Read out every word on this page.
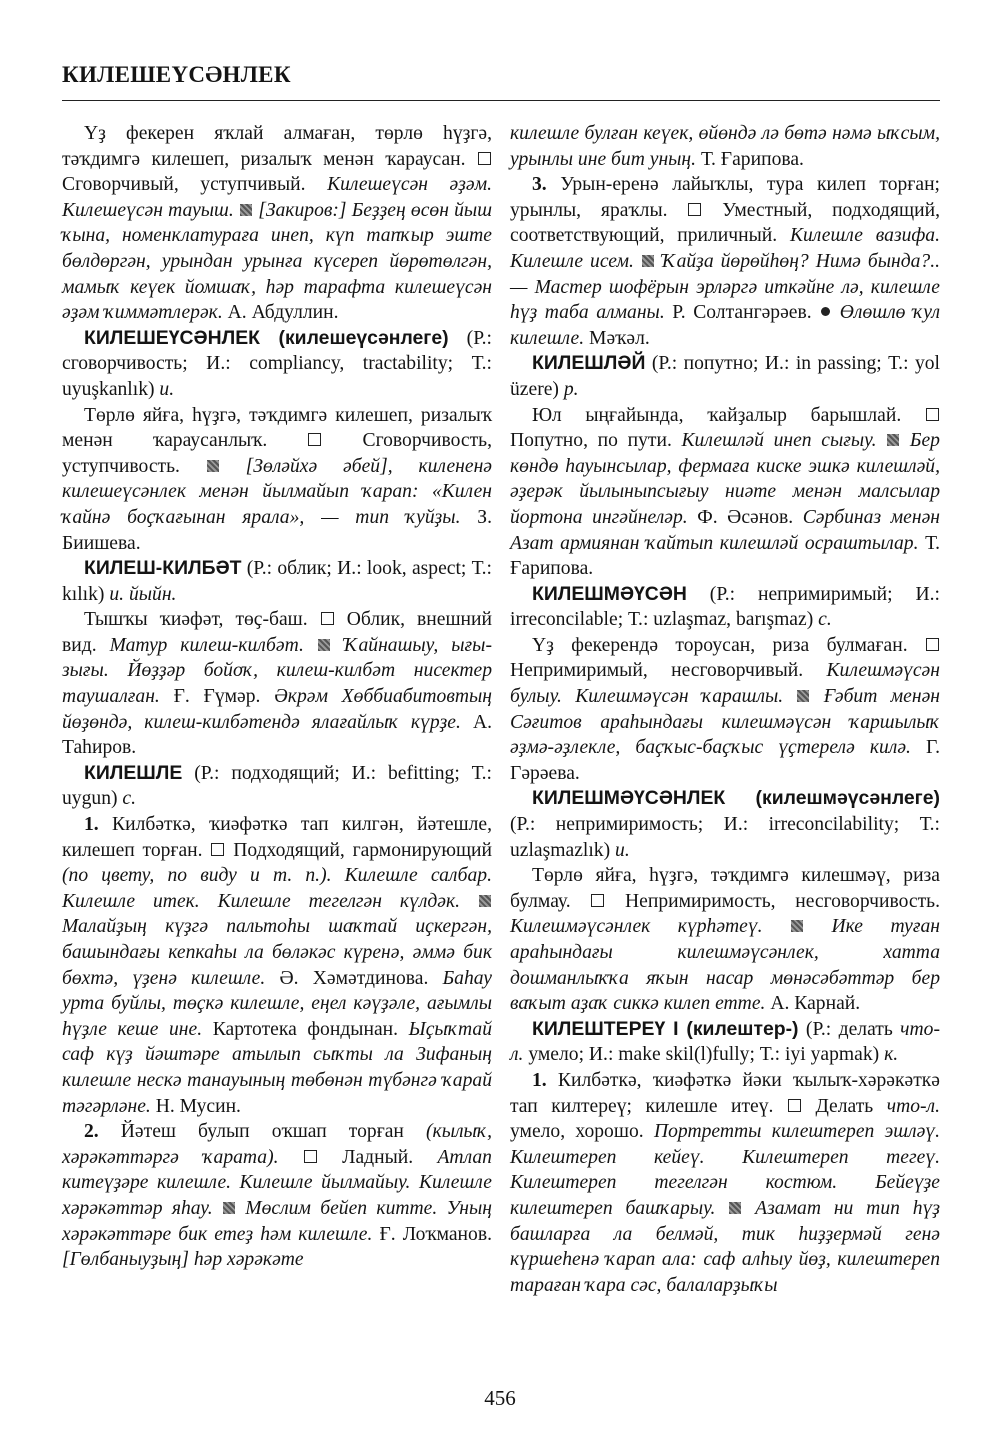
КИЛЕШЕҮСӘНЛЕК

Үҙ фекерен яҡлай алмаған, төрлө һүҙгә, тәҡдимгә килешеп, ризалыҡ менән ҡараусан.  Сговорчивый, уступчивый. Килешеүсән әҙәм. Килешеүсән тауыш. [Закиров:] Беҙҙең өсөн йыш ҡына, номенклатураға инеп, күп тапҡыр эште бөлдөргән, урындан урынға күсереп йөрөтөлгән, мамыҡ кеүек йомшаҡ, һәр тарафта килешеүсән әҙәм ҡиммәтлерәк. А. Абдуллин.

КИЛЕШЕҮСӘНЛЕК (килешеүсәнлеге) (Р.: сговорчивость; И.: compliancy, tractability; Т.: uyuşkanlık) и.

Төрлө яйға, һүҙгә, тәҡдимгә килешеп, ризалыҡ менән ҡараусанлыҡ.	Сговорчивость, уступчивость.	[Зөләйхә әбей], килененә килешеүсәнлек менән йылмайып ҡарап: «Килен ҡайнә боҫҡағынан ярала», — тип ҡуйҙы. З. Биишева.

КИЛЕШ-КИЛБӘТ (Р.: облик; И.: look, aspect; Т.: kılık) и. йыйн.

Тышҡы ҡиәфәт, төҫ-баш. Облик, внешний вид. Матур килеш-килбәт. Ҡайнашыу, ығы-зығы. Йөҙҙәр бойоҡ, килеш-килбәт нисектер таушалған. Ғ. Ғүмәр. Әкрәм Хөббиабитовтың йөҙөндә, килеш-килбәтендә ялағайлыҡ күрҙе. А. Таһиров.

КИЛЕШЛЕ (Р.: подходящий; И.: befitting; Т.: uygun) с.

1. Килбәткә, ҡиәфәткә тап килгән, йәтешле, килешеп торған. Подходящий, гармонирующий (по цвету, по виду и т. п.). Килешле салбар. Килешле итек. Килешле тегелгән күлдәк.  Малайҙың күҙгә пальтоһы шаҡтай иҫкергән, башындағы кепкаһы ла бөләкәс күренә, әммә бик бөхтә, үҙенә килешле. Ә. Хәмәтдинова. Баһау урта буйлы, төҫкә килешле, еңел кәүҙәле, ағымлы һүҙле кеше ине. Картотека фондынан. Ыҫыҡтай саф күҙ йәштәре атылып сыҡты ла Зифаның килешле нескә танауының төбөнән түбәнгә ҡарай тәгәрләне. Н. Мусин.

2. Йәтеш булып оҡшап торған (кылыҡ, хәрәкәттәргә ҡарата).	Ладный. Атлап китеүҙәре килешле. Килешле йылмайыу. Килешле хәрәкәттәр яһау. Мөслим бейеп китте. Уның хәрәкәттәре бик етеҙ һәм килешле. Ғ. Лоҡманов. [Гөлбаныуҙың] һәр хәрәкәте

килешле булған кеүек, өйөндә лә бөтә нәмә ыҡсым, урынлы ине бит уның. Т. Ғарипова.

3. Урын-еренә лайыҡлы, тура килеп торған; урынлы, яраҡлы.	Уместный, подходящий, соответствующий, приличный. Килешле вазифа. Килешле исем. Ҡайҙа йөрөйһөң? Нимә бында?.. — Мастер шофёрын эрләргә иткәйне лә, килешле һүҙ таба алманы. Р. Солтангәрәев. Өлөшлө ҡул килешле. Мәҡәл.

КИЛЕШЛӘЙ (Р.: попутно; И.: in passing; Т.: yol üzere) р.

Юл ыңғайында, ҡайҙалыр барышлай.  Попутно, по пути. Килешләй инеп сығыу. Бер көндө һауынсылар, фермаға киске эшкә килешләй, әҙерәк йылыныпсығыу ниәте менән малсылар йортона ингәйнеләр. Ф. Әсәнов. Сәрбиназ менән Азат армиянан ҡайтып килешләй осраштылар. Т. Ғарипова.

КИЛЕШМӘҮСӘН (Р.: непримиримый; И.: irreconcilable; Т.: uzlaşmaz, barışmaz) с.

Үҙ фекерендә тороусан, риза булмаған.  Непримиримый, несговорчивый. Килешмәүсән булыу. Килешмәүсән ҡарашлы. Ғәбит менән Сәғитов араһындағы килешмәүсән ҡаршылыҡ әҙмә-әҙлекле, баҫҡыс-баҫҡыс үҫтерелә килә. Г. Гәрәева.

КИЛЕШМӘҮСӘНЛЕК (килешмәүсәнлеге) (Р.: непримиримость; И.: irreconcilability; Т.: uzlaşmazlık) и.

Төрлө яйға, һүҙгә, тәҡдимгә килешмәү, риза булмау.	Непримиримость, несговорчивость. Килешмәүсәнлек күрһәтеү.	Ике туған араһындағы килешмәүсәнлек, хатта дошманлыҡҡа яҡын насар мөнәсәбәттәр бер ваҡыт аҙаҡ сиккә килеп етте. А. Карнай.

КИЛЕШТЕРЕҮ I (килештер-) (Р.: делать что-л. умело; И.: make skil(l)fully; Т.: iyi yapmak) к.

1. Килбәткә, ҡиәфәткә йәки ҡылыҡ-хәрәкәткә тап килтереү; килешле итеү. Делать что-л. умело, хорошо. Портретты килештереп эшләү. Килештереп кейеү. Килештереп тегеү. Килештереп тегелгән костюм. Бейеүҙе килештереп башҡарыу. Азамат ни тип һүҙ башларға ла белмәй, тик һиҙҙермәй генә күршеһенә ҡарап ала: саф алһыу йөҙ, килештереп тараған ҡара сәс, балаларҙыҡы

456
